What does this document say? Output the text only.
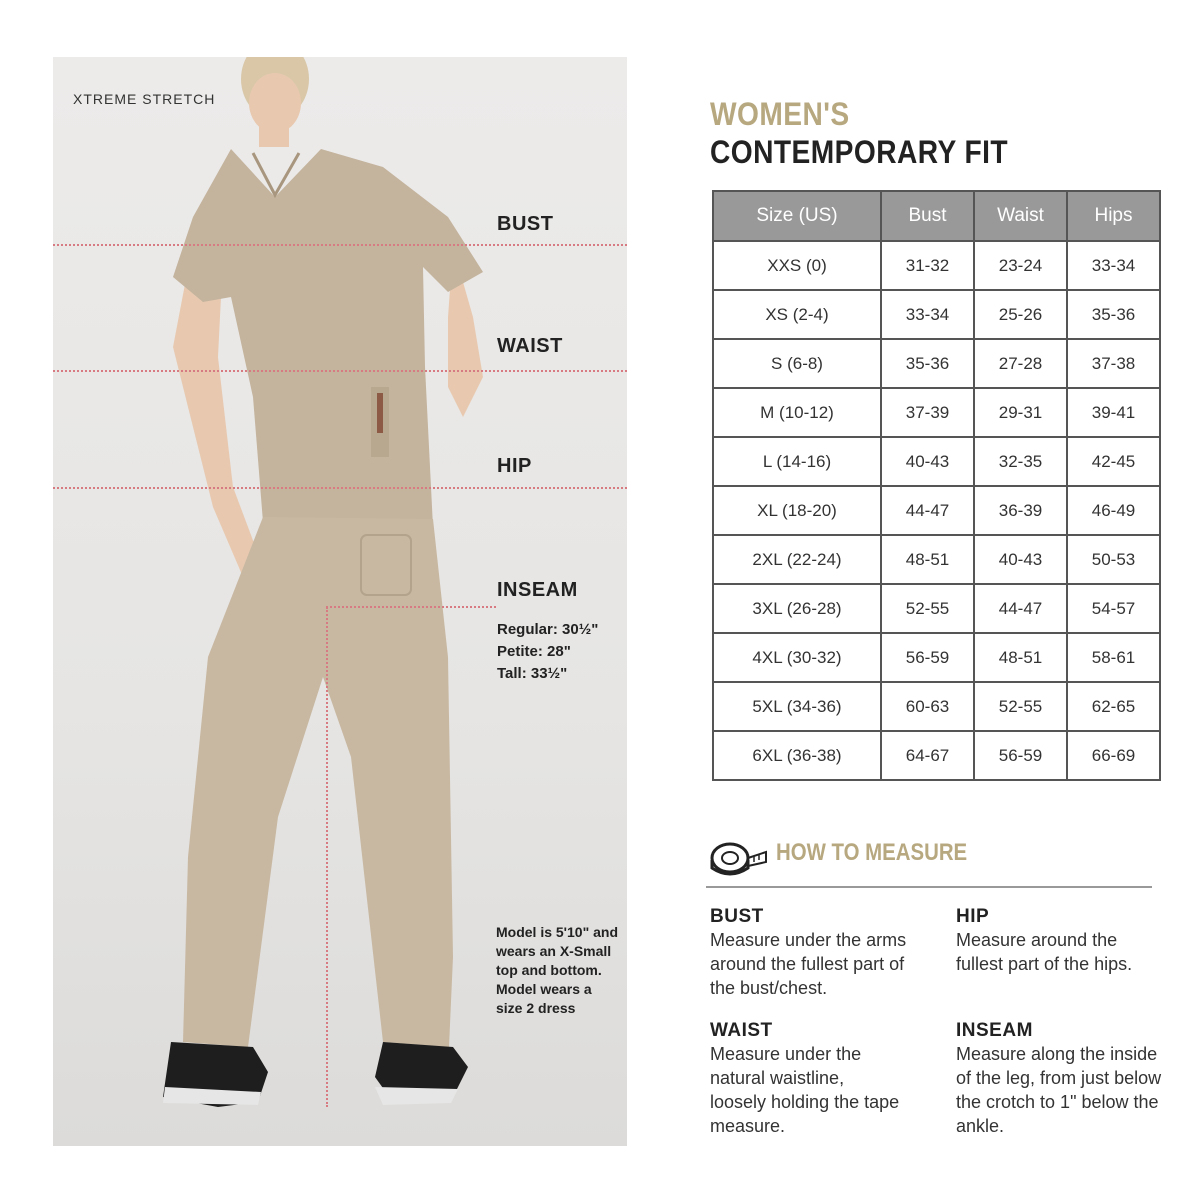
XTREME STRETCH
BUST
WAIST
HIP
INSEAM
Regular: 30½"
Petite: 28"
Tall: 33½"
Model is 5'10" and wears an X-Small top and bottom. Model wears a size 2 dress
WOMEN'S
CONTEMPORARY FIT
Size (US)	Bust	Waist	Hips
XXS (0)	31-32	23-24	33-34
XS (2-4)	33-34	25-26	35-36
S (6-8)	35-36	27-28	37-38
M (10-12)	37-39	29-31	39-41
L (14-16)	40-43	32-35	42-45
XL (18-20)	44-47	36-39	46-49
2XL (22-24)	48-51	40-43	50-53
3XL (26-28)	52-55	44-47	54-57
4XL (30-32)	56-59	48-51	58-61
5XL (34-36)	60-63	52-55	62-65
6XL (36-38)	64-67	56-59	66-69
HOW TO MEASURE
BUST
Measure under the arms around the fullest part of the bust/chest.
HIP
Measure around the fullest part of the hips.
WAIST
Measure under the natural waistline, loosely holding the tape measure.
INSEAM
Measure along the inside of the leg, from just below the crotch to 1" below the ankle.
